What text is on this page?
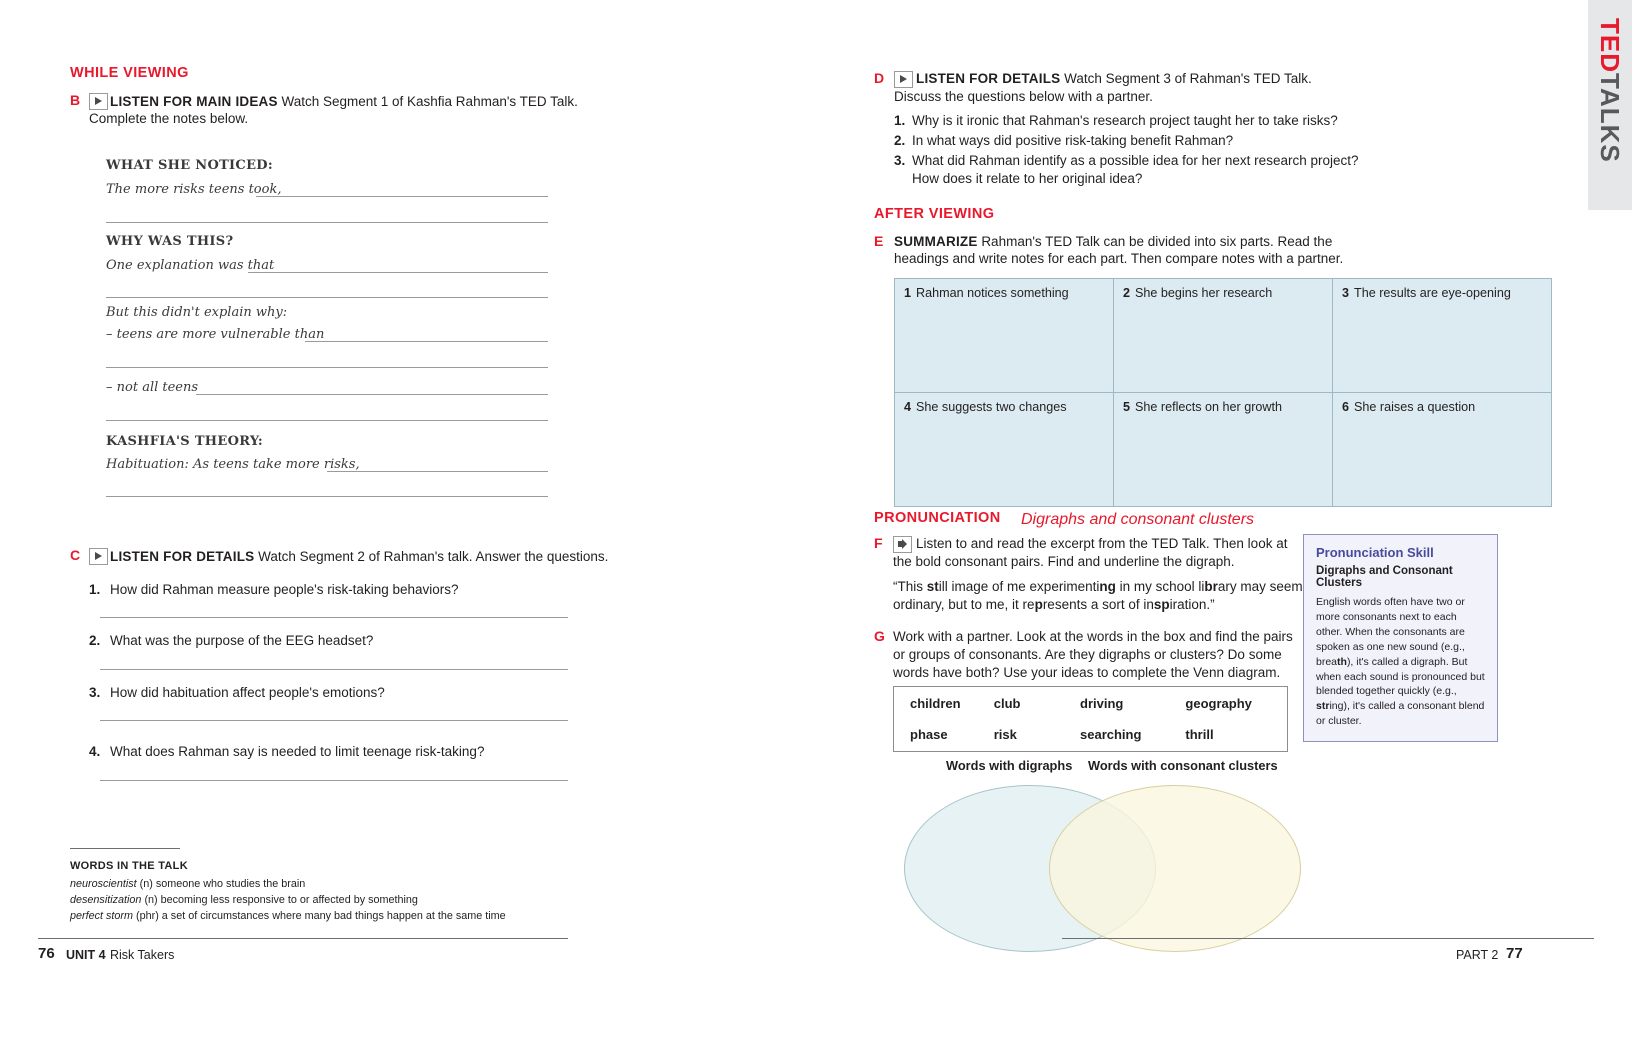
WHILE VIEWING
B LISTEN FOR MAIN IDEAS Watch Segment 1 of Kashfia Rahman's TED Talk.
Complete the notes below.
WHAT SHE NOTICED:
The more risks teens took,
WHY WAS THIS?
One explanation was that
But this didn't explain why:
– teens are more vulnerable than
– not all teens
KASHFIA'S THEORY:
Habituation: As teens take more risks,
C LISTEN FOR DETAILS Watch Segment 2 of Rahman's talk. Answer the questions.
1. How did Rahman measure people's risk-taking behaviors?
2. What was the purpose of the EEG headset?
3. How did habituation affect people's emotions?
4. What does Rahman say is needed to limit teenage risk-taking?
WORDS IN THE TALK
neuroscientist (n) someone who studies the brain
desensitization (n) becoming less responsive to or affected by something
perfect storm (phr) a set of circumstances where many bad things happen at the same time
76 UNIT 4 Risk Takers
TED
TALKS
D LISTEN FOR DETAILS Watch Segment 3 of Rahman's TED Talk.
Discuss the questions below with a partner.
1. Why is it ironic that Rahman's research project taught her to take risks?
2. In what ways did positive risk-taking benefit Rahman?
3. What did Rahman identify as a possible idea for her next research project?
How does it relate to her original idea?
AFTER VIEWING
E SUMMARIZE Rahman's TED Talk can be divided into six parts. Read the
headings and write notes for each part. Then compare notes with a partner.
1 Rahman notices something	2 She begins her research	3 The results are eye-opening
4 She suggests two changes	5 She reflects on her growth	6 She raises a question
PRONUNCIATION Digraphs and consonant clusters
F Listen to and read the excerpt from the TED Talk. Then look at
the bold consonant pairs. Find and underline the digraph.
“This still image of me experimenting in my school library may seem
ordinary, but to me, it represents a sort of inspiration.”
G Work with a partner. Look at the words in the box and find the pairs
or groups of consonants. Are they digraphs or clusters? Do some
words have both? Use your ideas to complete the Venn diagram.
children	club	driving	geography
phase	risk	searching	thrill
Words with digraphs Words with consonant clusters
Pronunciation Skill
Digraphs and Consonant Clusters
English words often have two or more consonants next to each other. When the consonants are spoken as one new sound (e.g., breath), it's called a digraph. But when each sound is pronounced but blended together quickly (e.g., string), it's called a consonant blend or cluster.
PART 2 77
